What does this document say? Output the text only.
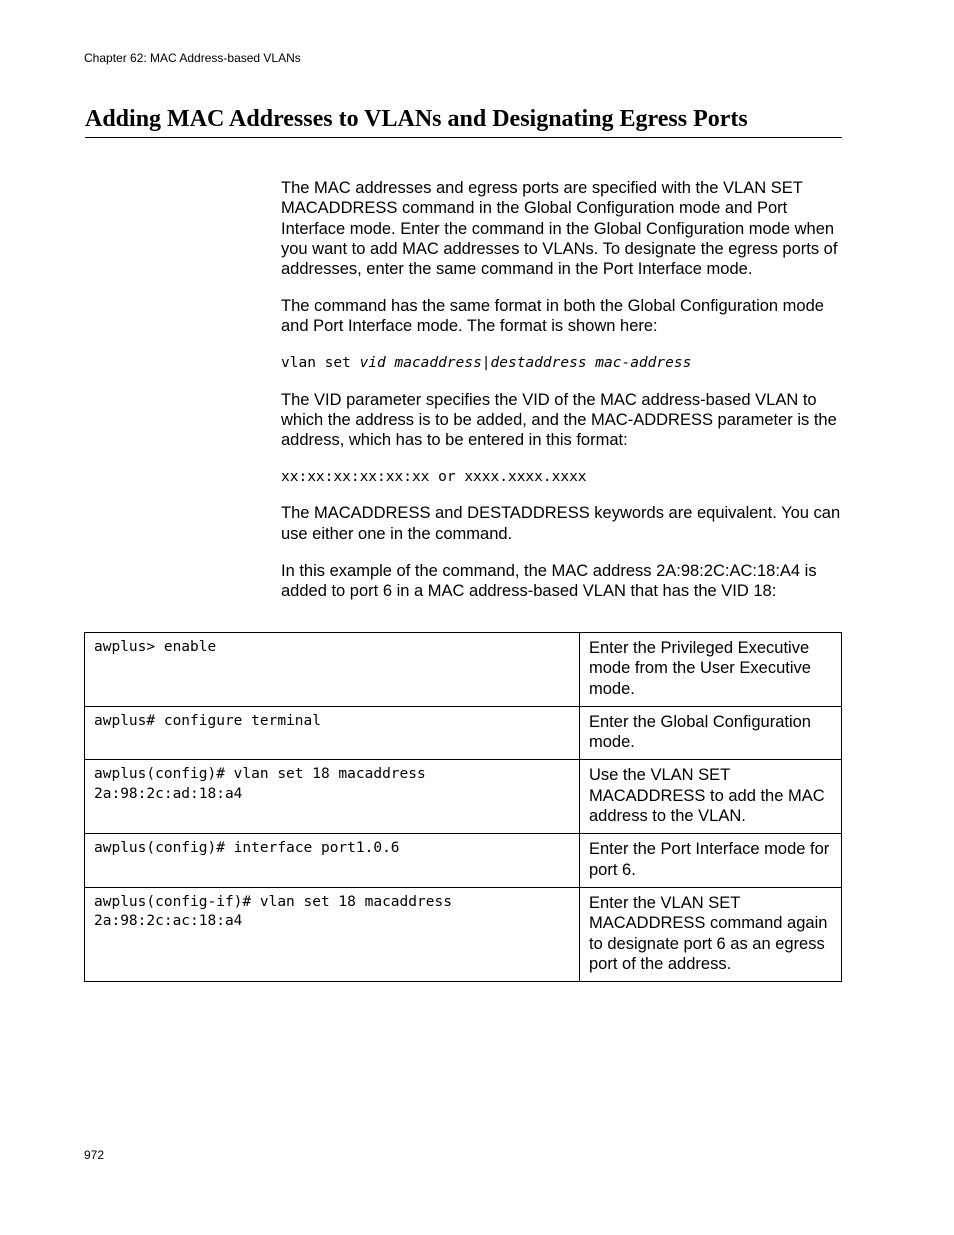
Chapter 62: MAC Address-based VLANs
Adding MAC Addresses to VLANs and Designating Egress Ports

The MAC addresses and egress ports are specified with the VLAN SET MACADDRESS command in the Global Configuration mode and Port Interface mode. Enter the command in the Global Configuration mode when you want to add MAC addresses to VLANs. To designate the egress ports of addresses, enter the same command in the Port Interface mode.

The command has the same format in both the Global Configuration mode and Port Interface mode. The format is shown here:

vlan set vid macaddress|destaddress mac-address

The VID parameter specifies the VID of the MAC address-based VLAN to which the address is to be added, and the MAC-ADDRESS parameter is the address, which has to be entered in this format:

xx:xx:xx:xx:xx:xx or xxxx.xxxx.xxxx

The MACADDRESS and DESTADDRESS keywords are equivalent. You can use either one in the command.

In this example of the command, the MAC address 2A:98:2C:AC:18:A4 is added to port 6 in a MAC address-based VLAN that has the VID 18:

awplus> enable	Enter the Privileged Executive mode from the User Executive mode.
awplus# configure terminal	Enter the Global Configuration mode.
awplus(config)# vlan set 18 macaddress
2a:98:2c:ad:18:a4	Use the VLAN SET MACADDRESS to add the MAC address to the VLAN.
awplus(config)# interface port1.0.6	Enter the Port Interface mode for port 6.
awplus(config-if)# vlan set 18 macaddress
2a:98:2c:ac:18:a4	Enter the VLAN SET MACADDRESS command again to designate port 6 as an egress port of the address.
972
